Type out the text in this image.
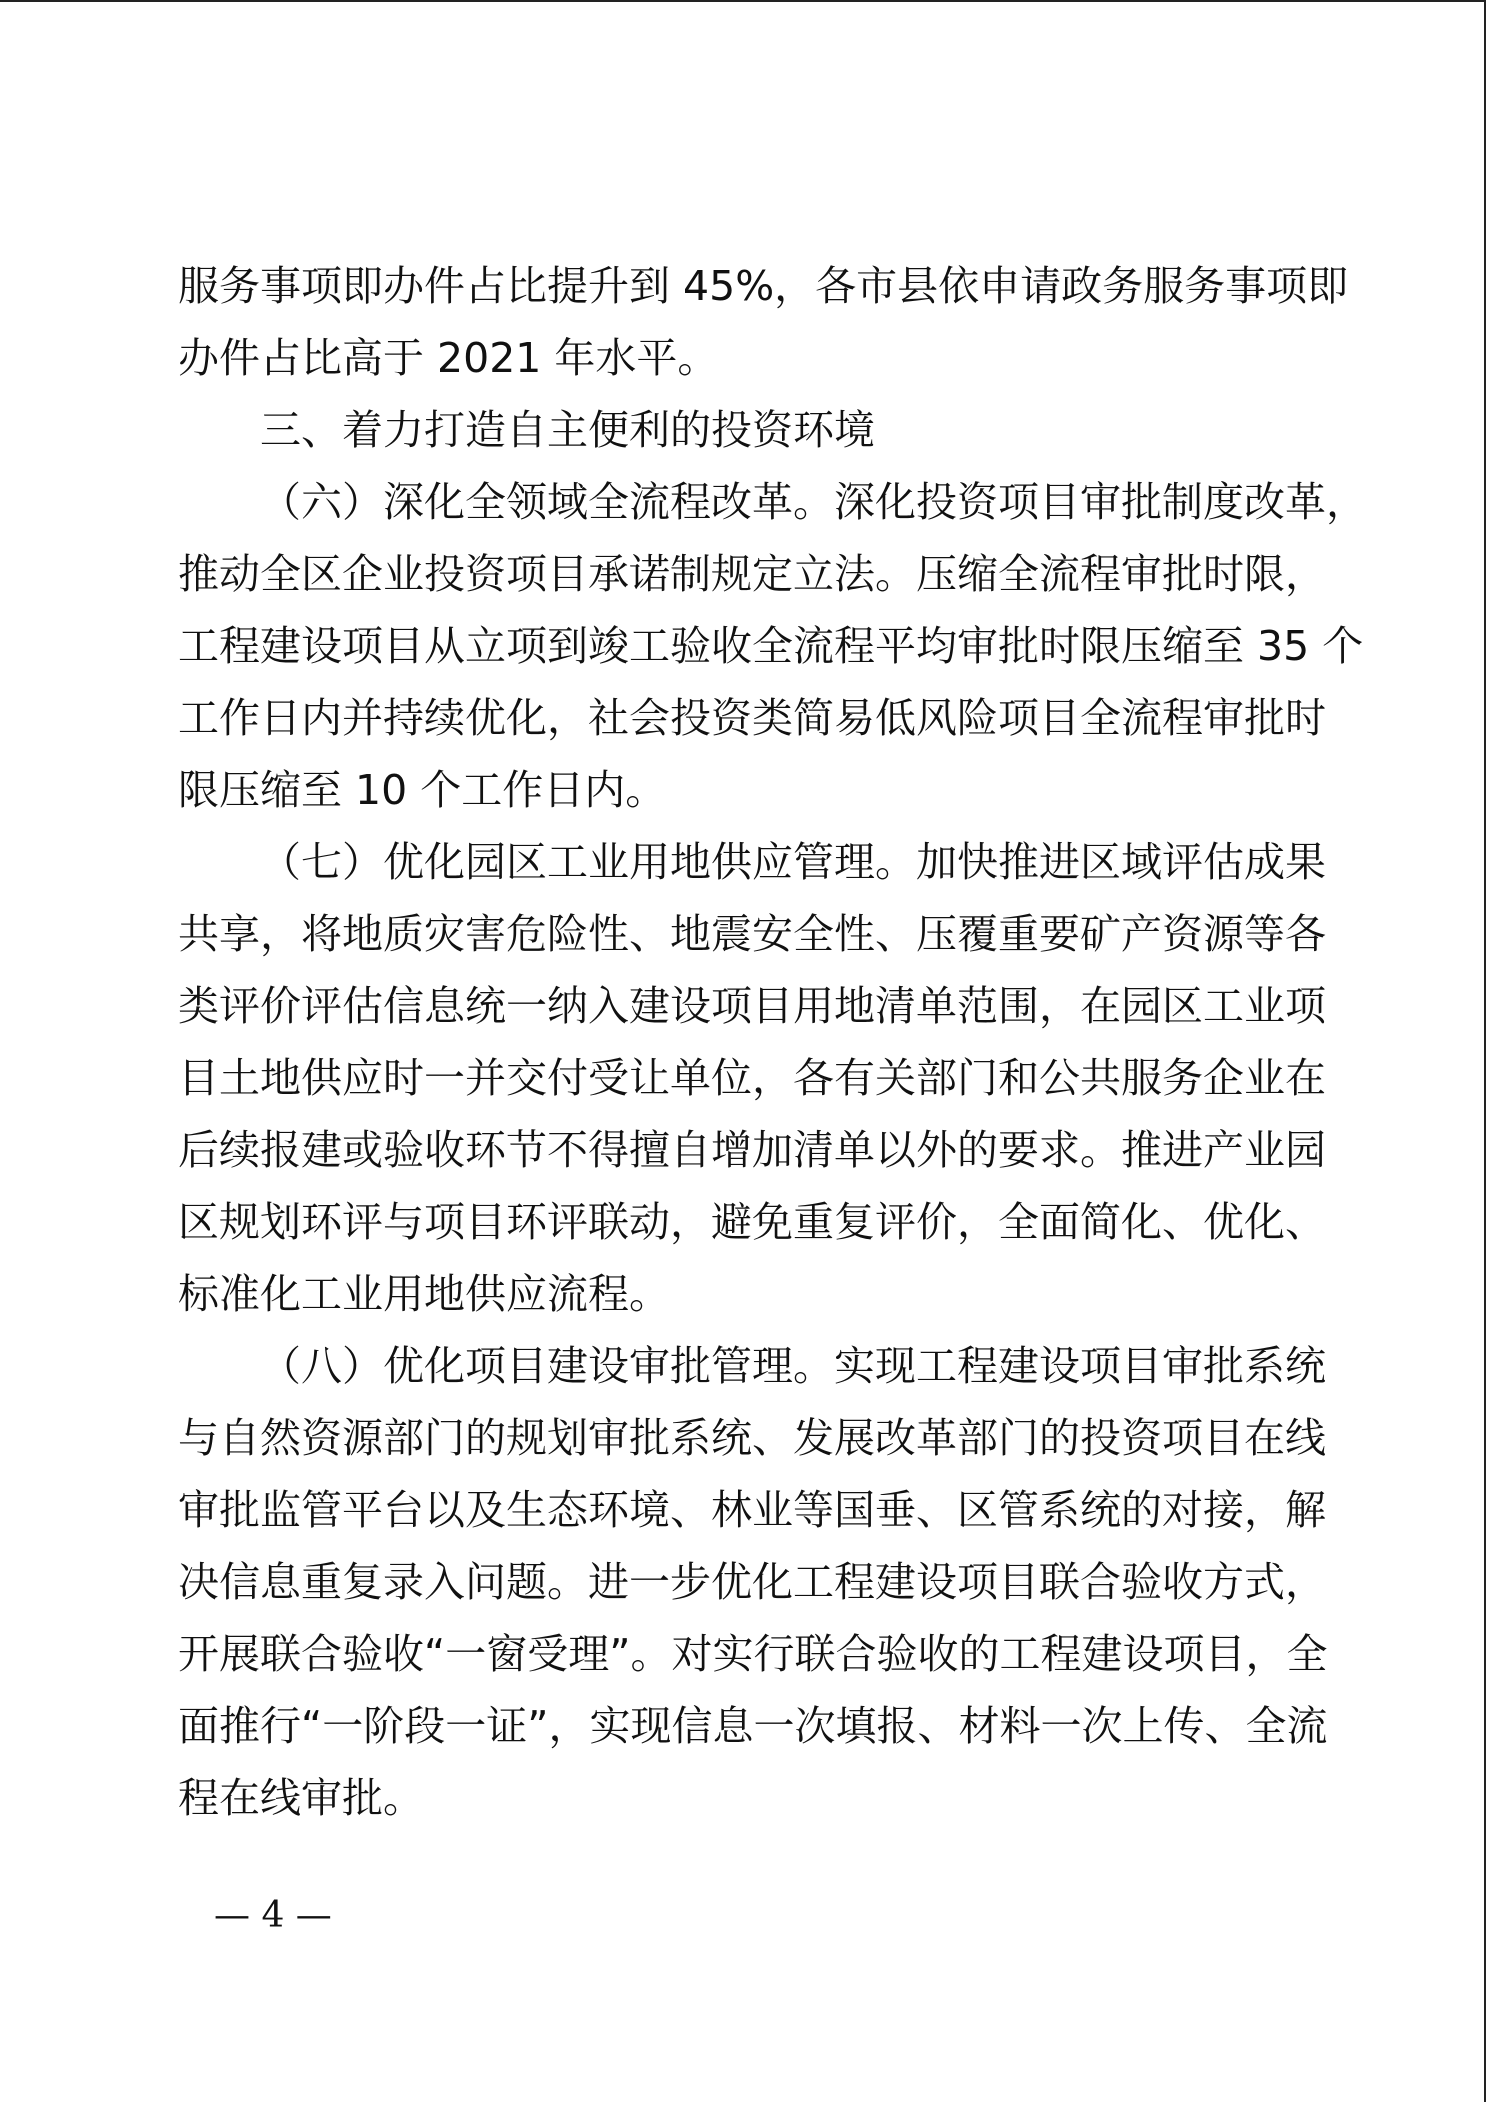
服务事项即办件占比提升到 45%，各市县依申请政务服务事项即
办件占比高于 2021 年水平。
三、着力打造自主便利的投资环境
（六）深化全领域全流程改革。深化投资项目审批制度改革，
推动全区企业投资项目承诺制规定立法。压缩全流程审批时限，
工程建设项目从立项到竣工验收全流程平均审批时限压缩至 35 个
工作日内并持续优化，社会投资类简易低风险项目全流程审批时
限压缩至 10 个工作日内。
（七）优化园区工业用地供应管理。加快推进区域评估成果
共享，将地质灾害危险性、地震安全性、压覆重要矿产资源等各
类评价评估信息统一纳入建设项目用地清单范围，在园区工业项
目土地供应时一并交付受让单位，各有关部门和公共服务企业在
后续报建或验收环节不得擅自增加清单以外的要求。推进产业园
区规划环评与项目环评联动，避免重复评价，全面简化、优化、
标准化工业用地供应流程。
（八）优化项目建设审批管理。实现工程建设项目审批系统
与自然资源部门的规划审批系统、发展改革部门的投资项目在线
审批监管平台以及生态环境、林业等国垂、区管系统的对接，解
决信息重复录入问题。进一步优化工程建设项目联合验收方式，
开展联合验收“一窗受理”。对实行联合验收的工程建设项目，全
面推行“一阶段一证”，实现信息一次填报、材料一次上传、全流
程在线审批。
— 4 —
